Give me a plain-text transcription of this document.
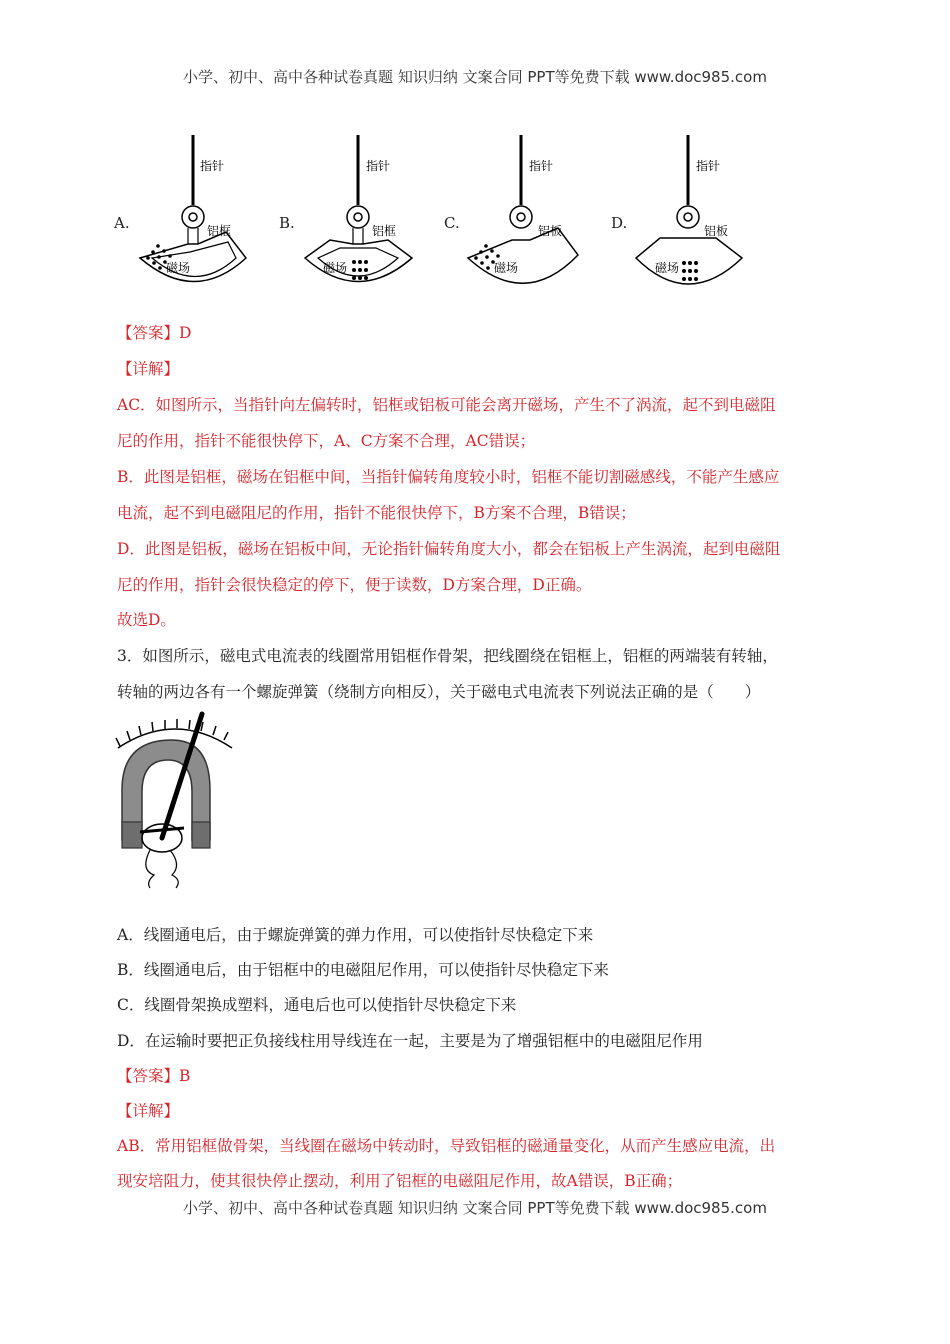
小学、初中、高中各种试卷真题 知识归纳 文案合同 PPT等免费下载 www.doc985.com
指针
铝框
磁场
指针
铝框
磁场
指针
铝板
磁场
指针
铝板
磁场
A.	B.	C.	D.
【答案】D
【详解】
AC．如图所示，当指针向左偏转时，铝框或铝板可能会离开磁场，产生不了涡流，起不到电磁阻
尼的作用，指针不能很快停下，A、C方案不合理，AC错误；
B．此图是铝框，磁场在铝框中间，当指针偏转角度较小时，铝框不能切割磁感线，不能产生感应
电流，起不到电磁阻尼的作用，指针不能很快停下，B方案不合理，B错误；
D．此图是铝板，磁场在铝板中间，无论指针偏转角度大小，都会在铝板上产生涡流，起到电磁阻
尼的作用，指针会很快稳定的停下，便于读数，D方案合理，D正确。
故选D。
3．如图所示，磁电式电流表的线圈常用铝框作骨架，把线圈绕在铝框上，铝框的两端装有转轴，
转轴的两边各有一个螺旋弹簧（绕制方向相反），关于磁电式电流表下列说法正确的是（　　）
A．线圈通电后，由于螺旋弹簧的弹力作用，可以使指针尽快稳定下来
B．线圈通电后，由于铝框中的电磁阻尼作用，可以使指针尽快稳定下来
C．线圈骨架换成塑料，通电后也可以使指针尽快稳定下来
D．在运输时要把正负接线柱用导线连在一起，主要是为了增强铝框中的电磁阻尼作用
【答案】B
【详解】
AB．常用铝框做骨架，当线圈在磁场中转动时，导致铝框的磁通量变化，从而产生感应电流，出
现安培阻力，使其很快停止摆动，利用了铝框的电磁阻尼作用，故A错误，B正确；
小学、初中、高中各种试卷真题 知识归纳 文案合同 PPT等免费下载 www.doc985.com
